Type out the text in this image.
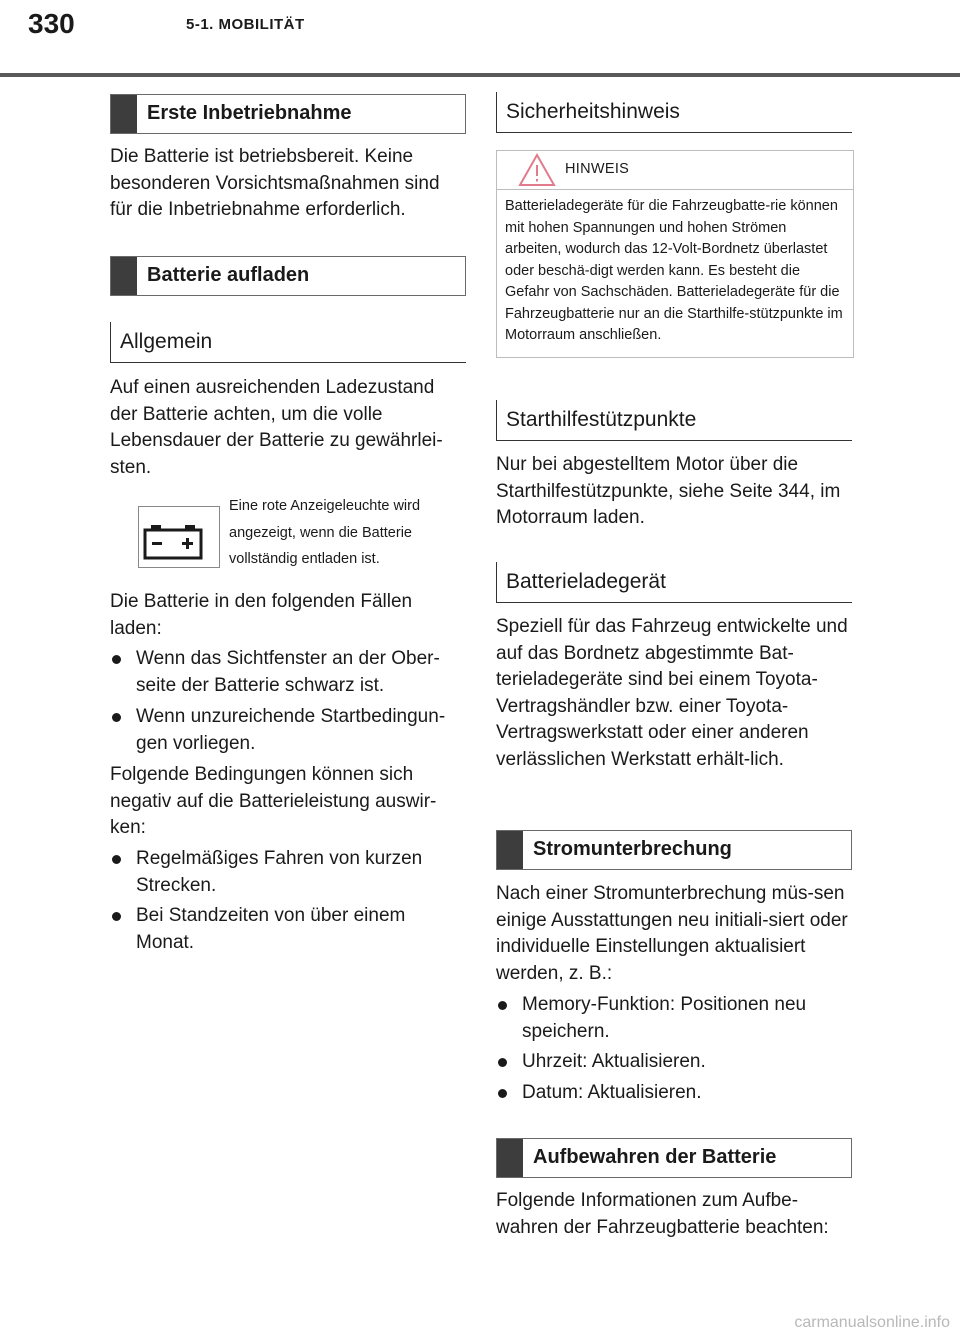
330	5-1. MOBILITÄT
Erste Inbetriebnahme
Die Batterie ist betriebsbereit. Keine besonderen Vorsichtsmaßnahmen sind für die Inbetriebnahme erforderlich.
Batterie aufladen
Allgemein
Auf einen ausreichenden Ladezustand der Batterie achten, um die volle Lebensdauer der Batterie zu gewährlei-sten.
Eine rote Anzeigeleuchte wird angezeigt, wenn die Batterie vollständig entladen ist.
Die Batterie in den folgenden Fällen laden:
Wenn das Sichtfenster an der Ober-seite der Batterie schwarz ist.
Wenn unzureichende Startbedingun-gen vorliegen.
Folgende Bedingungen können sich negativ auf die Batterieleistung auswir-ken:
Regelmäßiges Fahren von kurzen Strecken.
Bei Standzeiten von über einem Monat.
Sicherheitshinweis
HINWEIS
Batterieladegeräte für die Fahrzeugbatte-rie können mit hohen Spannungen und hohen Strömen arbeiten, wodurch das 12-Volt-Bordnetz überlastet oder beschä-digt werden kann. Es besteht die Gefahr von Sachschäden. Batterieladegeräte für die Fahrzeugbatterie nur an die Starthilfe-stützpunkte im Motorraum anschließen.
Starthilfestützpunkte
Nur bei abgestelltem Motor über die Starthilfestützpunkte, siehe Seite 344, im Motorraum laden.
Batterieladegerät
Speziell für das Fahrzeug entwickelte und auf das Bordnetz abgestimmte Bat-terieladegeräte sind bei einem Toyota-Vertragshändler bzw. einer Toyota-Vertragswerkstatt oder einer anderen verlässlichen Werkstatt erhält-lich.
Stromunterbrechung
Nach einer Stromunterbrechung müs-sen einige Ausstattungen neu initiali-siert oder individuelle Einstellungen aktualisiert werden, z. B.:
Memory-Funktion: Positionen neu speichern.
Uhrzeit: Aktualisieren.
Datum: Aktualisieren.
Aufbewahren der Batterie
Folgende Informationen zum Aufbe-wahren der Fahrzeugbatterie beachten:
carmanualsonline.info
